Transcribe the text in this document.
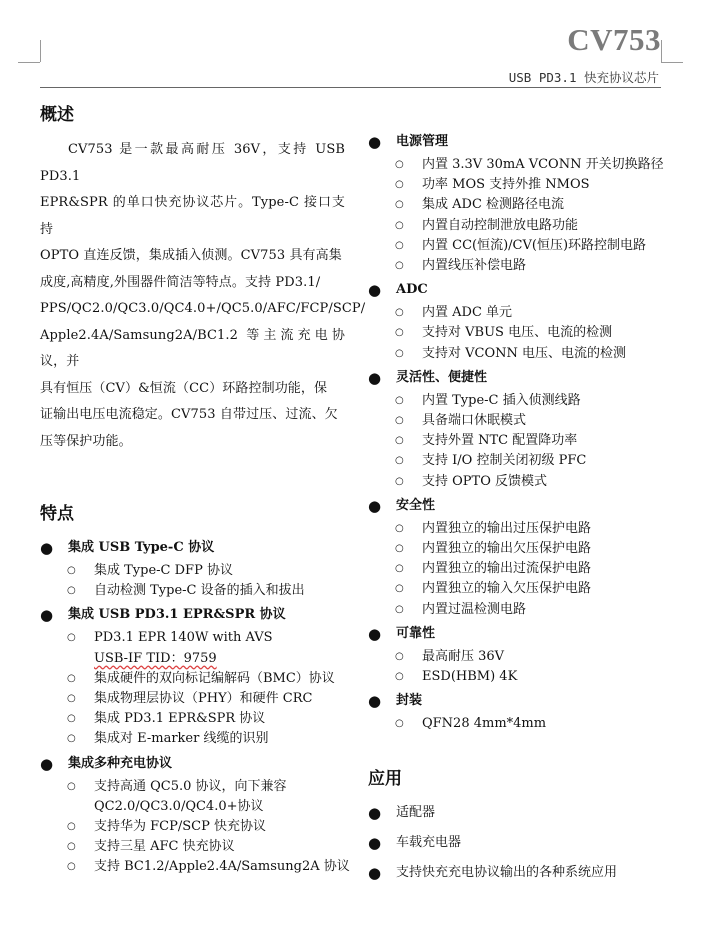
CV753
USB PD3.1 快充协议芯片
概述
CV753 是一款最高耐压 36V，支持 USB PD3.1
EPR&SPR 的单口快充协议芯片。Type-C 接口支持
OPTO 直连反馈，集成插入侦测。CV753 具有高集
成度,高精度,外围器件简洁等特点。支持 PD3.1/
PPS/QC2.0/QC3.0/QC4.0+/QC5.0/AFC/FCP/SCP/
Apple2.4A/Samsung2A/BC1.2 等主流充电协议，并
具有恒压（CV）&恒流（CC）环路控制功能，保
证输出电压电流稳定。CV753 自带过压、过流、欠
压等保护功能。
特点
● 集成 USB Type-C 协议
○ 集成 Type-C DFP 协议
○ 自动检测 Type-C 设备的插入和拔出
● 集成 USB PD3.1 EPR&SPR 协议
○ PD3.1 EPR 140W with AVS
USB-IF TID：9759
○ 集成硬件的双向标记编解码（BMC）协议
○ 集成物理层协议（PHY）和硬件 CRC
○ 集成 PD3.1 EPR&SPR 协议
○ 集成对 E-marker 线缆的识别
● 集成多种充电协议
○ 支持高通 QC5.0 协议，向下兼容
QC2.0/QC3.0/QC4.0+协议
○ 支持华为 FCP/SCP 快充协议
○ 支持三星 AFC 快充协议
○ 支持 BC1.2/Apple2.4A/Samsung2A 协议
● 电源管理
○ 内置 3.3V 30mA VCONN 开关切换路径
○ 功率 MOS 支持外推 NMOS
○ 集成 ADC 检测路径电流
○ 内置自动控制泄放电路功能
○ 内置 CC(恒流)/CV(恒压)环路控制电路
○ 内置线压补偿电路
● ADC
○ 内置 ADC 单元
○ 支持对 VBUS 电压、电流的检测
○ 支持对 VCONN 电压、电流的检测
● 灵活性、便捷性
○ 内置 Type-C 插入侦测线路
○ 具备端口休眠模式
○ 支持外置 NTC 配置降功率
○ 支持 I/O 控制关闭初级 PFC
○ 支持 OPTO 反馈模式
● 安全性
○ 内置独立的输出过压保护电路
○ 内置独立的输出欠压保护电路
○ 内置独立的输出过流保护电路
○ 内置独立的输入欠压保护电路
○ 内置过温检测电路
● 可靠性
○ 最高耐压 36V
○ ESD(HBM) 4K
● 封装
○ QFN28 4mm*4mm
应用
● 适配器
● 车载充电器
● 支持快充充电协议输出的各种系统应用
